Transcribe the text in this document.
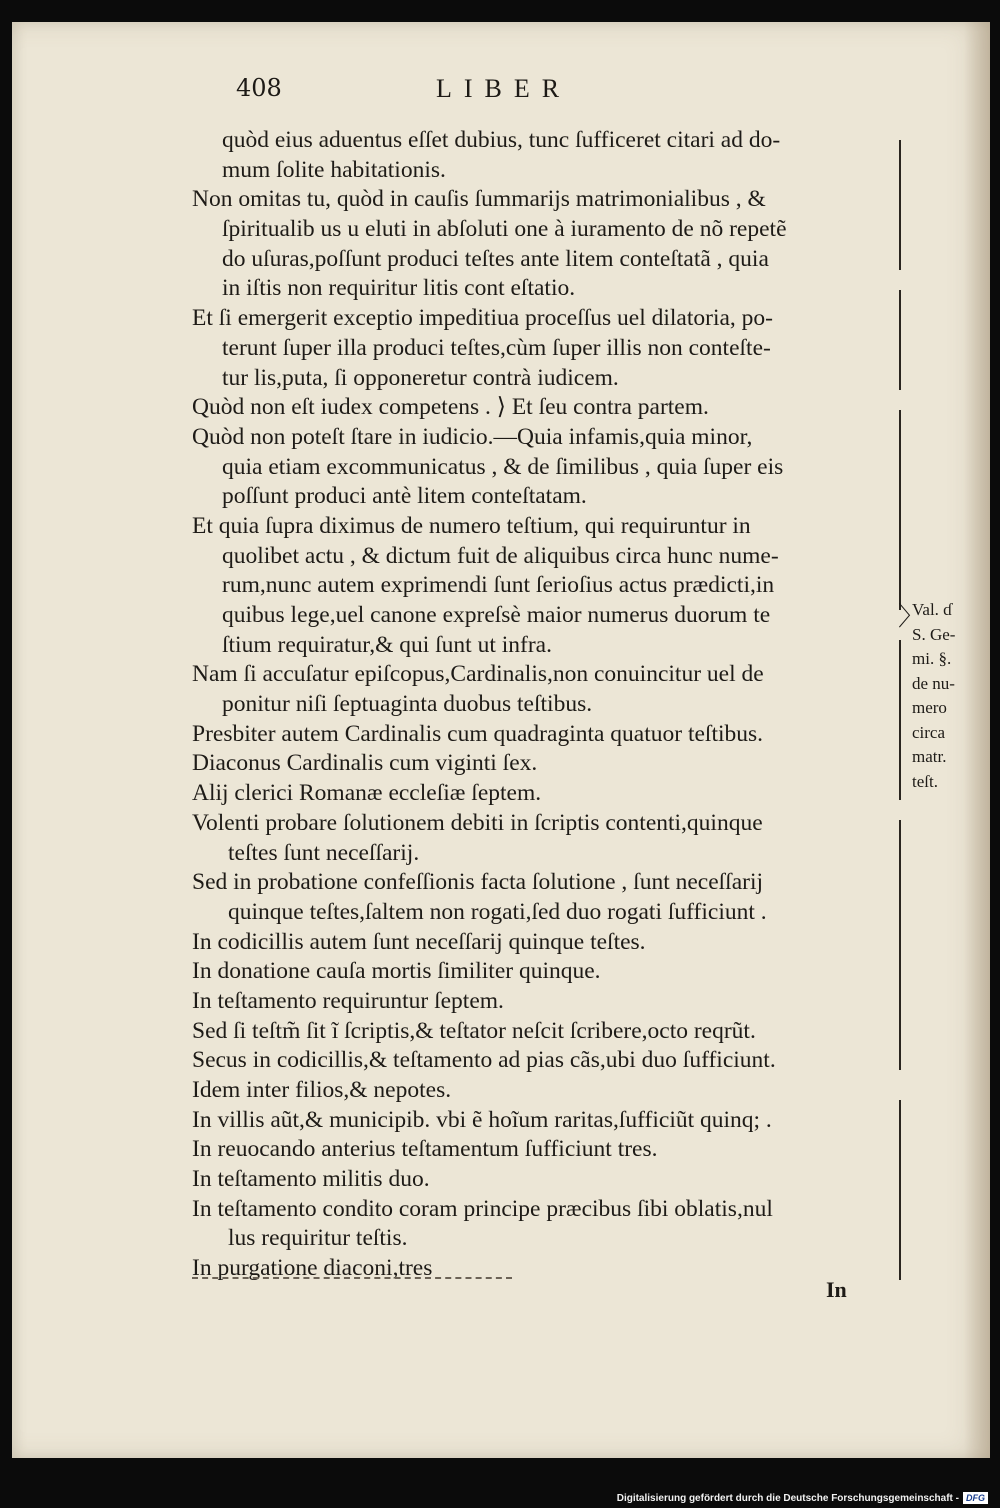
408	LIBER
quòd eius aduentus eſſet dubius, tunc ſufficeret citari ad do-
mum ſolite habitationis.
Non omitas tu, quòd in cauſis ſummarijs matrimonialibus , &
ſpiritualib us u eluti in abſoluti one à iuramento de nõ repetẽ
do uſuras,poſſunt produci teſtes ante litem conteſtatã , quia
in iſtis non requiritur litis cont eſtatio.
Et ſi emergerit exceptio impeditiua proceſſus uel dilatoria, po-
terunt ſuper illa produci teſtes,cùm ſuper illis non conteſte-
tur lis,puta, ſi opponeretur contrà iudicem.
Quòd non eſt iudex competens . ⟩ Et ſeu contra partem.
Quòd non poteſt ſtare in iudicio.—Quia infamis,quia minor,
quia etiam excommunicatus , & de ſimilibus , quia ſuper eis
poſſunt produci antè litem conteſtatam.
Et quia ſupra diximus de numero teſtium, qui requiruntur in
quolibet actu , & dictum fuit de aliquibus circa hunc nume-
rum,nunc autem exprimendi ſunt ſerioſius actus prædicti,in
quibus lege,uel canone expreſsè maior numerus duorum te
ſtium requiratur,& qui ſunt ut infra.
Nam ſi accuſatur epiſcopus,Cardinalis,non conuincitur uel de
ponitur niſi ſeptuaginta duobus teſtibus.
Presbiter autem Cardinalis cum quadraginta quatuor teſtibus.
Diaconus Cardinalis cum viginti ſex.
Alij clerici Romanæ eccleſiæ ſeptem.
Volenti probare ſolutionem debiti in ſcriptis contenti,quinque
teſtes ſunt neceſſarij.
Sed in probatione confeſſionis facta ſolutione , ſunt neceſſarij
quinque teſtes,ſaltem non rogati,ſed duo rogati ſufficiunt .
In codicillis autem ſunt neceſſarij quinque teſtes.
In donatione cauſa mortis ſimiliter quinque.
In teſtamento requiruntur ſeptem.
Sed ſi teſtm̃ ſit ĩ ſcriptis,& teſtator neſcit ſcribere,octo reqrũt.
Secus in codicillis,& teſtamento ad pias cãs,ubi duo ſufficiunt.
Idem inter filios,& nepotes.
In villis aũt,& municipib. vbi ẽ hoĩum raritas,ſufficiũt quinq; .
In reuocando anterius teſtamentum ſufficiunt tres.
In teſtamento militis duo.
In teſtamento condito coram principe præcibus ſibi oblatis,nul
lus requiritur teſtis.
In purgatione diaconi,tres
〉
Val. ɗ
S. Ge-
mi. §.
de nu-
mero
circa
matr.
teſt.
In
Digitalisierung gefördert durch die Deutsche Forschungsgemeinschaft - DFG
